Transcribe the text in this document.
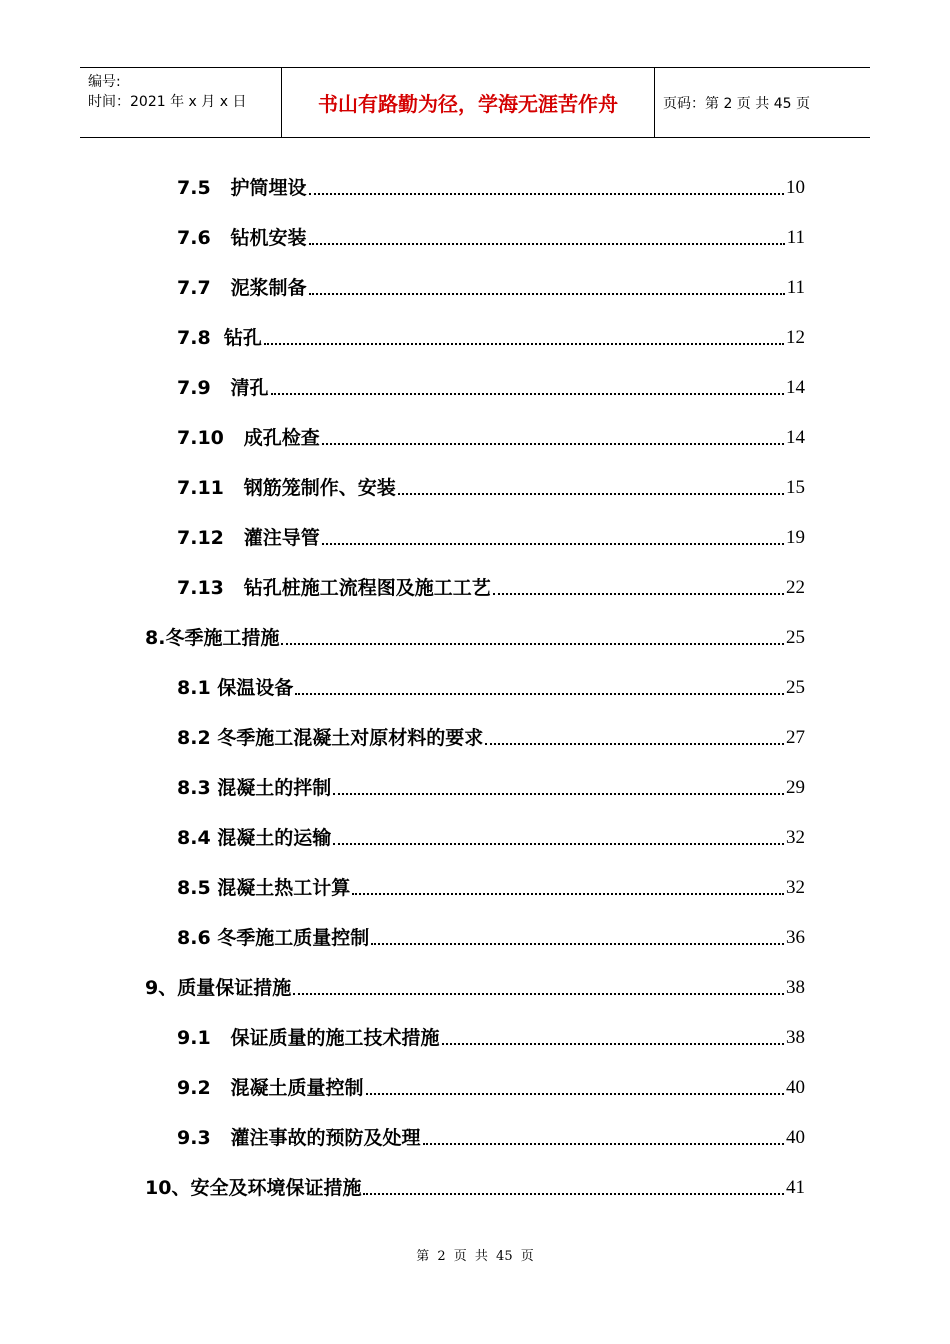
编号:
时间：2021 年 x 月 x 日	书山有路勤为径，学海无涯苦作舟	页码：第 2 页 共 45 页
7.5   护筒埋设	10
7.6   钻机安装	11
7.7   泥浆制备	11
7.8  钻孔	12
7.9   清孔	14
7.10   成孔检查	14
7.11   钢筋笼制作、安装	15
7.12   灌注导管	19
7.13   钻孔桩施工流程图及施工工艺	22
8.冬季施工措施	25
8.1 保温设备	25
8.2 冬季施工混凝土对原材料的要求	27
8.3 混凝土的拌制	29
8.4 混凝土的运输	32
8.5 混凝土热工计算	32
8.6 冬季施工质量控制	36
9、质量保证措施	38
9.1   保证质量的施工技术措施	38
9.2   混凝土质量控制	40
9.3   灌注事故的预防及处理	40
10、安全及环境保证措施	41
第 2 页 共 45 页
